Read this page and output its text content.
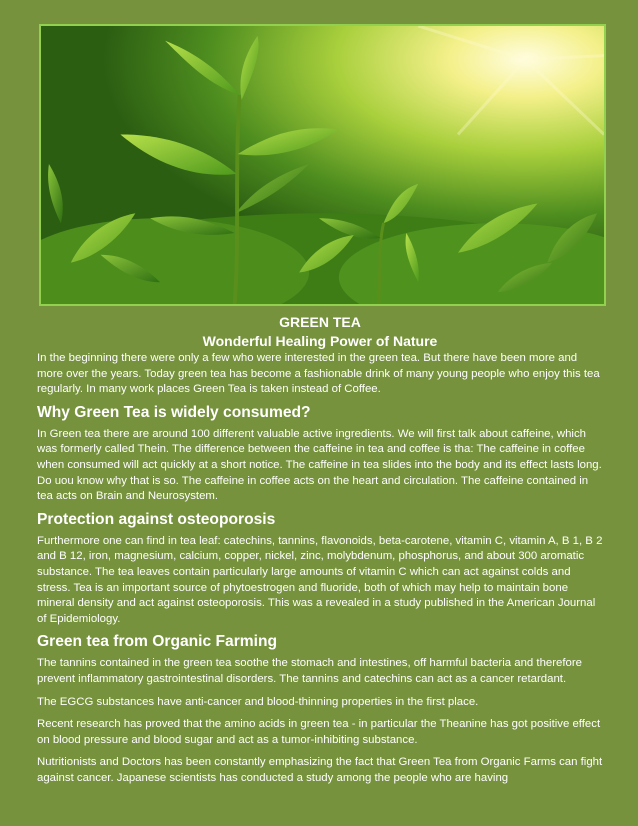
GREEN TEA
Wonderful Healing Power of Nature

In the beginning there were only a few who were interested in the green tea. But there have been more and more over the years. Today green tea has become a fashionable drink of many young people who enjoy this tea regularly. In many work places Green Tea is taken instead of Coffee.

Why Green Tea is widely consumed?

In Green tea there are around 100 different valuable active ingredients. We will first talk about caffeine, which was formerly called Thein. The difference between the caffeine in tea and coffee is tha: The caffeine in coffee when consumed will act quickly at a short notice. The caffeine in tea slides into the body and its effect lasts long. Do uou know why that is so. The caffeine in coffee acts on the heart and circulation. The caffeine contained in tea acts on Brain and Neurosystem.

Protection against osteoporosis

Furthermore one can find in tea leaf: catechins, tannins, flavonoids, beta-carotene, vitamin C, vitamin A, B 1, B 2 and B 12, iron, magnesium, calcium, copper, nickel, zinc, molybdenum, phosphorus, and about 300 aromatic substance. The tea leaves contain particularly large amounts of vitamin C which can act against colds and stress. Tea is an important source of phytoestrogen and fluoride, both of which may help to maintain bone mineral density and act against osteoporosis. This was a revealed in a study published in the American Journal of Epidemiology.

Green tea from Organic Farming

The tannins contained in the green tea soothe the stomach and intestines, off harmful bacteria and therefore prevent inflammatory gastrointestinal disorders. The tannins and catechins can act as a cancer retardant.

The EGCG substances have anti-cancer and blood-thinning properties in the first place.

Recent research has proved that the amino acids in green tea - in particular the Theanine has got positive effect on blood pressure and blood sugar and act as a tumor-inhibiting substance.

Nutritionists and Doctors has been constantly emphasizing the fact that Green Tea from Organic Farms can fight against cancer. Japanese scientists has conducted a study among the people who are having
